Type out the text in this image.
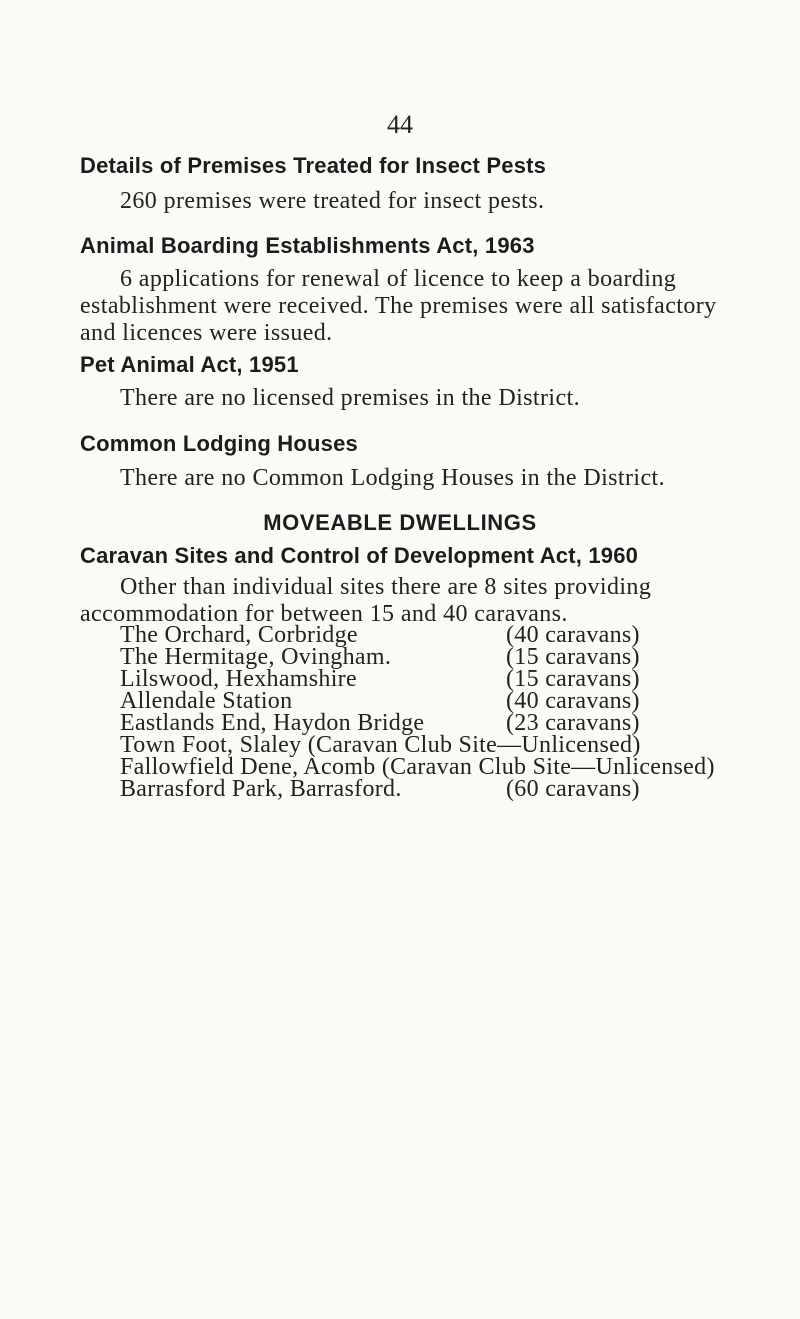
44
Details of Premises Treated for Insect Pests

260 premises were treated for insect pests.

Animal Boarding Establishments Act, 1963

6 applications for renewal of licence to keep a boarding establishment were received. The premises were all satisfactory and licences were issued.

Pet Animal Act, 1951

There are no licensed premises in the District.

Common Lodging Houses

There are no Common Lodging Houses in the District.

MOVEABLE DWELLINGS
Caravan Sites and Control of Development Act, 1960

Other than individual sites there are 8 sites providing accommodation for between 15 and 40 caravans.

The Orchard, Corbridge	(40 caravans)
The Hermitage, Ovingham.	(15 caravans)
Lilswood, Hexhamshire	(15 caravans)
Allendale Station	(40 caravans)
Eastlands End, Haydon Bridge	(23 caravans)
Town Foot, Slaley (Caravan Club Site—Unlicensed)
Fallowfield Dene, Acomb (Caravan Club Site—Unlicensed)
Barrasford Park, Barrasford.	(60 caravans)
